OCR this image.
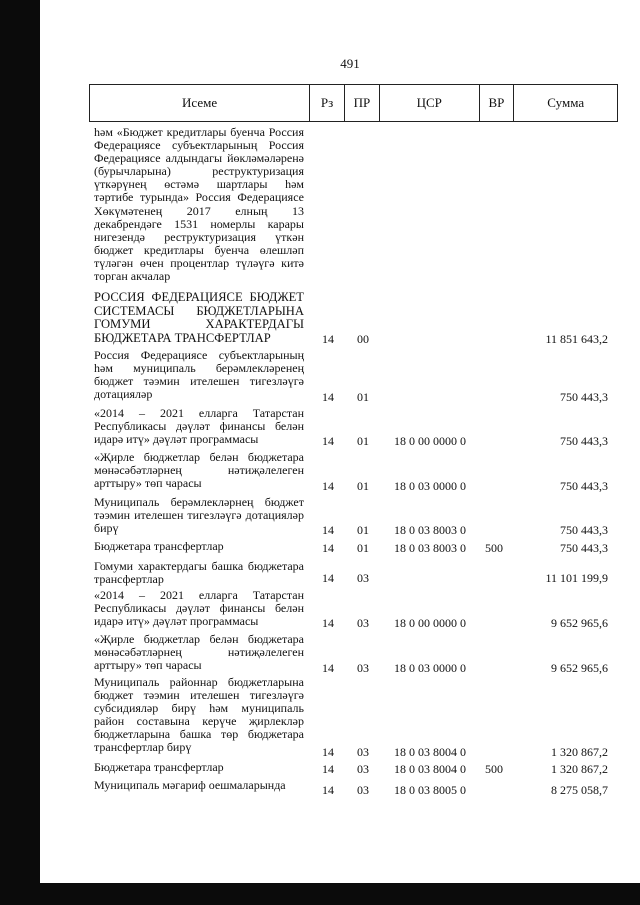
491
Исеме	Рз	ПР	ЦСР	ВР	Сумма
һәм «Бюджет кредитлары буенча Россия
Федерациясе субъектларының Россия
Федерациясе алдындагы йөкләмәләренә
(бурычларына) реструктуризация
үткәрүнең өстәмә шартлары һәм
тәртибе турында» Россия Федерациясе
Хөкүмәтенең 2017 елның 13
декабрендәге 1531 номерлы карары
нигезендә реструктуризация үткән
бюджет кредитлары буенча өлешләп
түләгән өчен процентлар түләүгә китә
торган акчалар
РОССИЯ ФЕДЕРАЦИЯСЕ БЮДЖЕТ
СИСТЕМАСЫ БЮДЖЕТЛАРЫНА
ГОМУМИ ХАРАКТЕРДАГЫ
БЮДЖЕТАРА ТРАНСФЕРТЛАР	14 00	11 851 643,2
Россия Федерациясе субъектларының
һәм муниципаль берәмлекләренең
бюджет тәэмин ителешен тигезләүгә
дотацияләр	14 01	750 443,3
«2014 – 2021 елларга Татарстан
Республикасы дәүләт финансы белән
идарә итү» дәүләт программасы	14 01 18 0 00 0000 0	750 443,3
«Җирле бюджетлар белән бюджетара
мөнәсәбәтләрнең нәтиҗәлелеген
арттыру» төп чарасы	14 01 18 0 03 0000 0	750 443,3
Муниципаль берәмлекләрнең бюджет
тәэмин ителешен тигезләүгә дотацияләр
бирү	14 01 18 0 03 8003 0	750 443,3
Бюджетара трансфертлар	14 01 18 0 03 8003 0 500	750 443,3
Гомуми характердагы башка бюджетара
трансфертлар	14 03	11 101 199,9
«2014 – 2021 елларга Татарстан
Республикасы дәүләт финансы белән
идарә итү» дәүләт программасы	14 03 18 0 00 0000 0	9 652 965,6
«Җирле бюджетлар белән бюджетара
мөнәсәбәтләрнең нәтиҗәлелеген
арттыру» төп чарасы	14 03 18 0 03 0000 0	9 652 965,6
Муниципаль районнар бюджетларына
бюджет тәэмин ителешен тигезләүгә
субсидияләр бирү һәм муниципаль
район составына керүче җирлекләр
бюджетларына башка төр бюджетара
трансфертлар бирү	14 03 18 0 03 8004 0	1 320 867,2
Бюджетара трансфертлар	14 03 18 0 03 8004 0 500	1 320 867,2
Муниципаль мәгариф оешмаларында	14 03 18 0 03 8005 0	8 275 058,7
